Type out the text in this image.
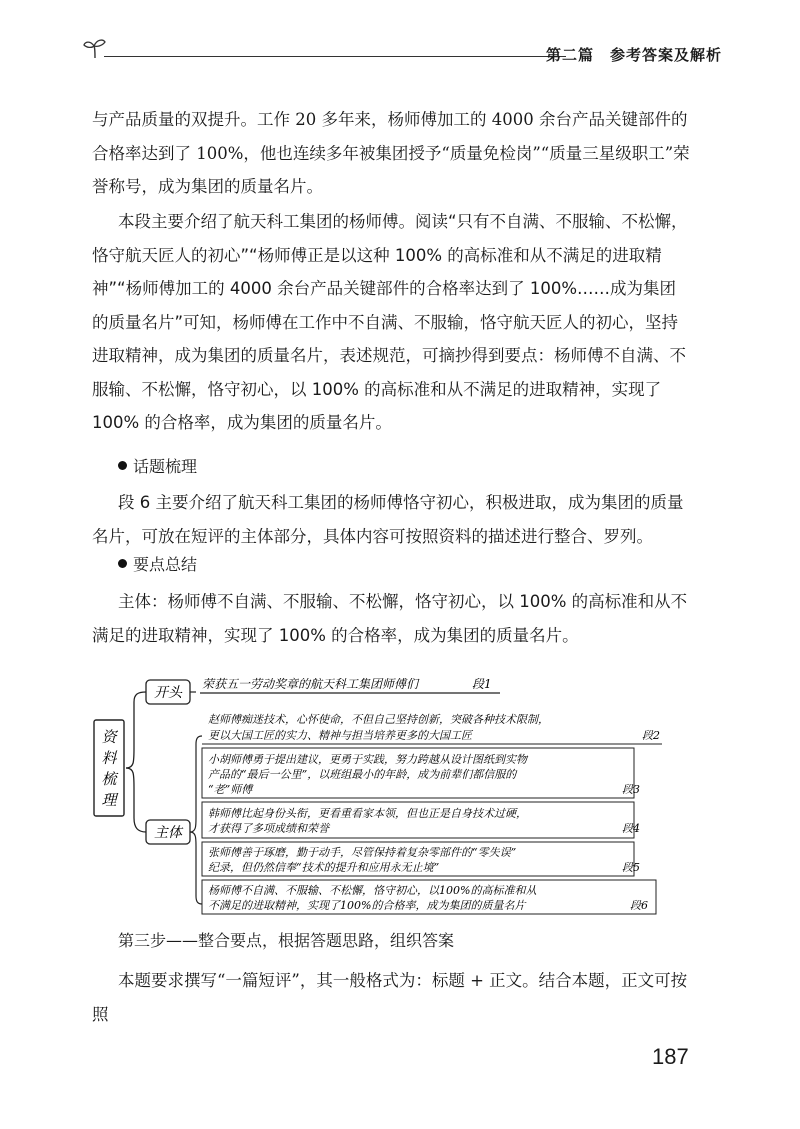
第二篇　参考答案及解析
与产品质量的双提升。工作 20 多年来，杨师傅加工的 4000 余台产品关键部件的合格率达到了 100%，他也连续多年被集团授予“质量免检岗”“质量三星级职工”荣誉称号，成为集团的质量名片。
本段主要介绍了航天科工集团的杨师傅。阅读“只有不自满、不服输、不松懈，恪守航天匠人的初心”“杨师傅正是以这种 100% 的高标准和从不满足的进取精神”“杨师傅加工的 4000 余台产品关键部件的合格率达到了 100%……成为集团的质量名片”可知，杨师傅在工作中不自满、不服输，恪守航天匠人的初心，坚持进取精神，成为集团的质量名片，表述规范，可摘抄得到要点：杨师傅不自满、不服输、不松懈，恪守初心，以 100% 的高标准和从不满足的进取精神，实现了 100% 的合格率，成为集团的质量名片。
话题梳理
段 6 主要介绍了航天科工集团的杨师傅恪守初心，积极进取，成为集团的质量名片，可放在短评的主体部分，具体内容可按照资料的描述进行整合、罗列。
要点总结
主体：杨师傅不自满、不服输、不松懈，恪守初心，以 100% 的高标准和从不满足的进取精神，实现了 100% 的合格率，成为集团的质量名片。
资
料
梳
理
开头
荣获五一劳动奖章的航天科工集团师傅们	段1
主体
赵师傅痴迷技术，心怀使命，不但自己坚持创新，突破各种技术限制，
更以大国工匠的实力、精神与担当培养更多的大国工匠	段2
小胡师傅勇于提出建议，更勇于实践，努力跨越从设计图纸到实物
产品的“最后一公里”，以班组最小的年龄，成为前辈们都信服的
“老”师傅	段3
韩师傅比起身份头衔，更看重看家本领，但也正是自身技术过硬，
才获得了多项成绩和荣誉	段4
张师傅善于琢磨，勤于动手，尽管保持着复杂零部件的“零失误”
纪录，但仍然信奉“技术的提升和应用永无止境”	段5
杨师傅不自满、不服输、不松懈，恪守初心，以100%的高标准和从
不满足的进取精神，实现了100%的合格率，成为集团的质量名片	段6
第三步——整合要点，根据答题思路，组织答案
本题要求撰写“一篇短评”，其一般格式为：标题 + 正文。结合本题，正文可按照
187
